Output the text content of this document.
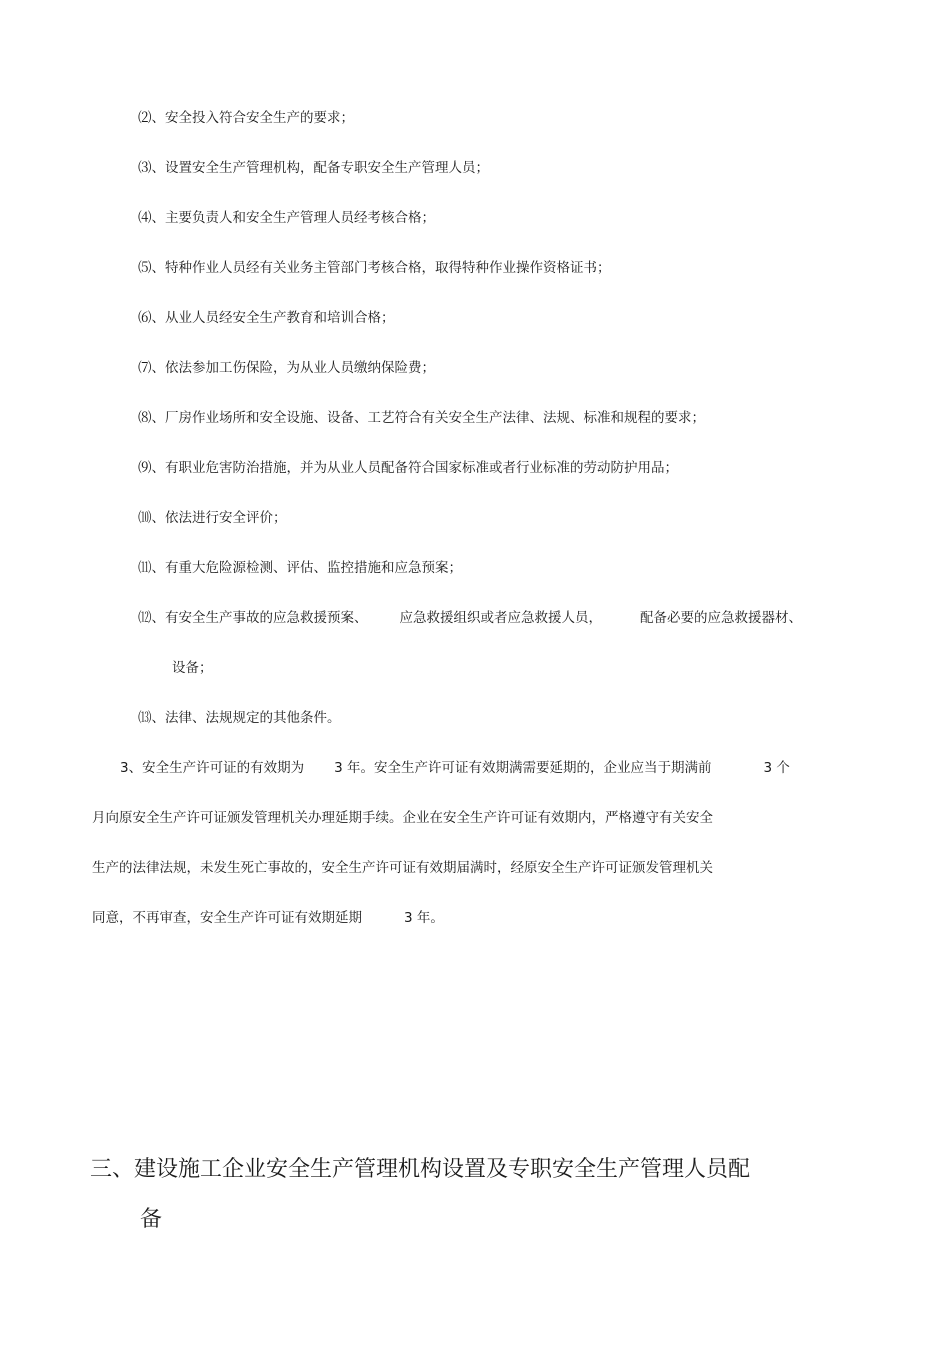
⑵、安全投入符合安全生产的要求；
⑶、设置安全生产管理机构，配备专职安全生产管理人员；
⑷、主要负责人和安全生产管理人员经考核合格；
⑸、特种作业人员经有关业务主管部门考核合格，取得特种作业操作资格证书；
⑹、从业人员经安全生产教育和培训合格；
⑺、依法参加工伤保险，为从业人员缴纳保险费；
⑻、厂房作业场所和安全设施、设备、工艺符合有关安全生产法律、法规、标准和规程的要求；
⑼、有职业危害防治措施，并为从业人员配备符合国家标准或者行业标准的劳动防护用品；
⑽、依法进行安全评价；
⑾、有重大危险源检测、评估、监控措施和应急预案；
⑿、有安全生产事故的应急救援预案、 应急救援组织或者应急救援人员，	配备必要的应急救援器材、
设备；
⒀、法律、法规规定的其他条件。
3、安全生产许可证的有效期为 3 年。安全生产许可证有效期满需要延期的，企业应当于期满前	3 个
月向原安全生产许可证颁发管理机关办理延期手续。企业在安全生产许可证有效期内，严格遵守有关安全
生产的法律法规，未发生死亡事故的，安全生产许可证有效期届满时，经原安全生产许可证颁发管理机关
同意，不再审查，安全生产许可证有效期延期	3 年。
三、建设施工企业安全生产管理机构设置及专职安全生产管理人员配
备
